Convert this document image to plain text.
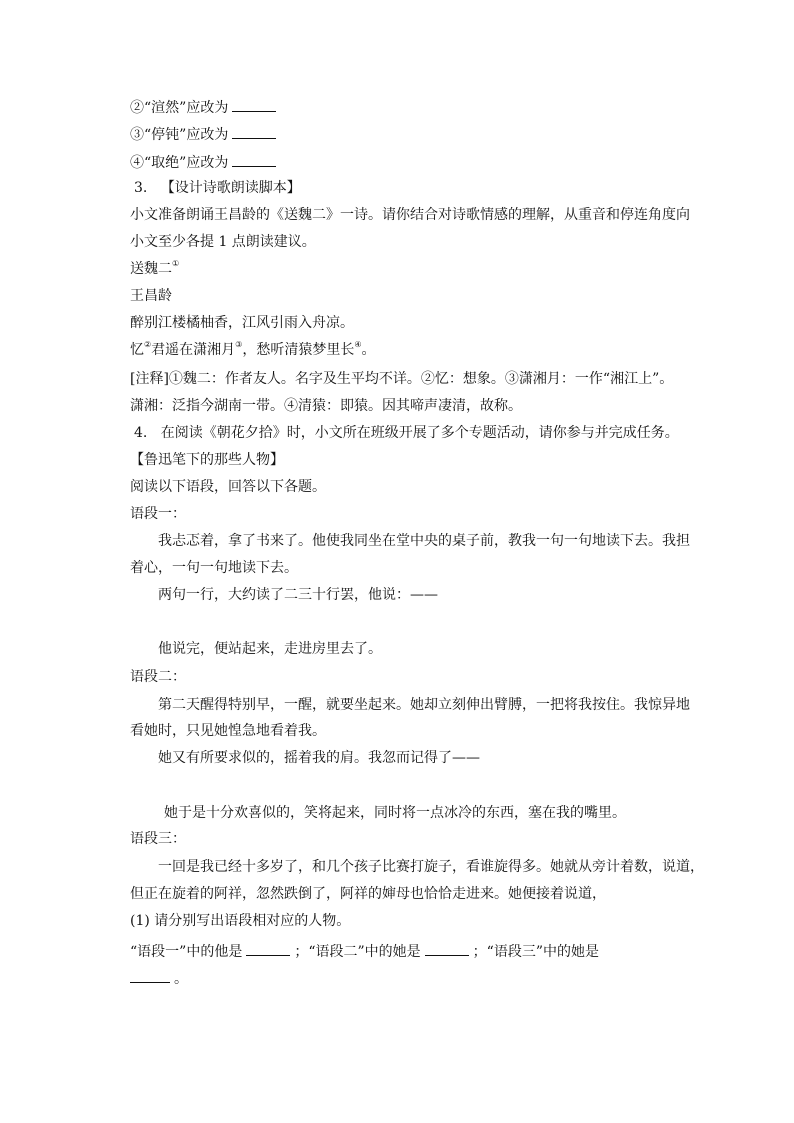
②“渲然”应改为
③“停钝”应改为
④“取绝”应改为
3. 【设计诗歌朗读脚本】
小文准备朗诵王昌龄的《送魏二》一诗。请你结合对诗歌情感的理解，从重音和停连角度向
小文至少各提 1 点朗读建议。
送魏二①
王昌龄
醉别江楼橘柚香，江风引雨入舟凉。
忆②君遥在潇湘月③，愁听清猿梦里长④。
[注释]①魏二：作者友人。名字及生平均不详。②忆：想象。③潇湘月：一作“湘江上”。
潇湘：泛指今湖南一带。④清猿：即猿。因其啼声凄清，故称。
4. 在阅读《朝花夕拾》时，小文所在班级开展了多个专题活动，请你参与并完成任务。
【鲁迅笔下的那些人物】
阅读以下语段，回答以下各题。
语段一：
我忐忑着，拿了书来了。他使我同坐在堂中央的桌子前，教我一句一句地读下去。我担
着心，一句一句地读下去。
两句一行，大约读了二三十行罢，他说：——
他说完，便站起来，走进房里去了。
语段二：
第二天醒得特别早，一醒，就要坐起来。她却立刻伸出臂膊，一把将我按住。我惊异地
看她时，只见她惶急地看着我。
她又有所要求似的，摇着我的肩。我忽而记得了——
她于是十分欢喜似的，笑将起来，同时将一点冰冷的东西，塞在我的嘴里。
语段三：
一回是我已经十多岁了，和几个孩子比赛打旋子，看谁旋得多。她就从旁计着数，说道，
但正在旋着的阿祥，忽然跌倒了，阿祥的婶母也恰恰走进来。她便接着说道，
(1) 请分别写出语段相对应的人物。
“语段一”中的他是	；“语段二”中的她是	；“语段三”中的她是
。
